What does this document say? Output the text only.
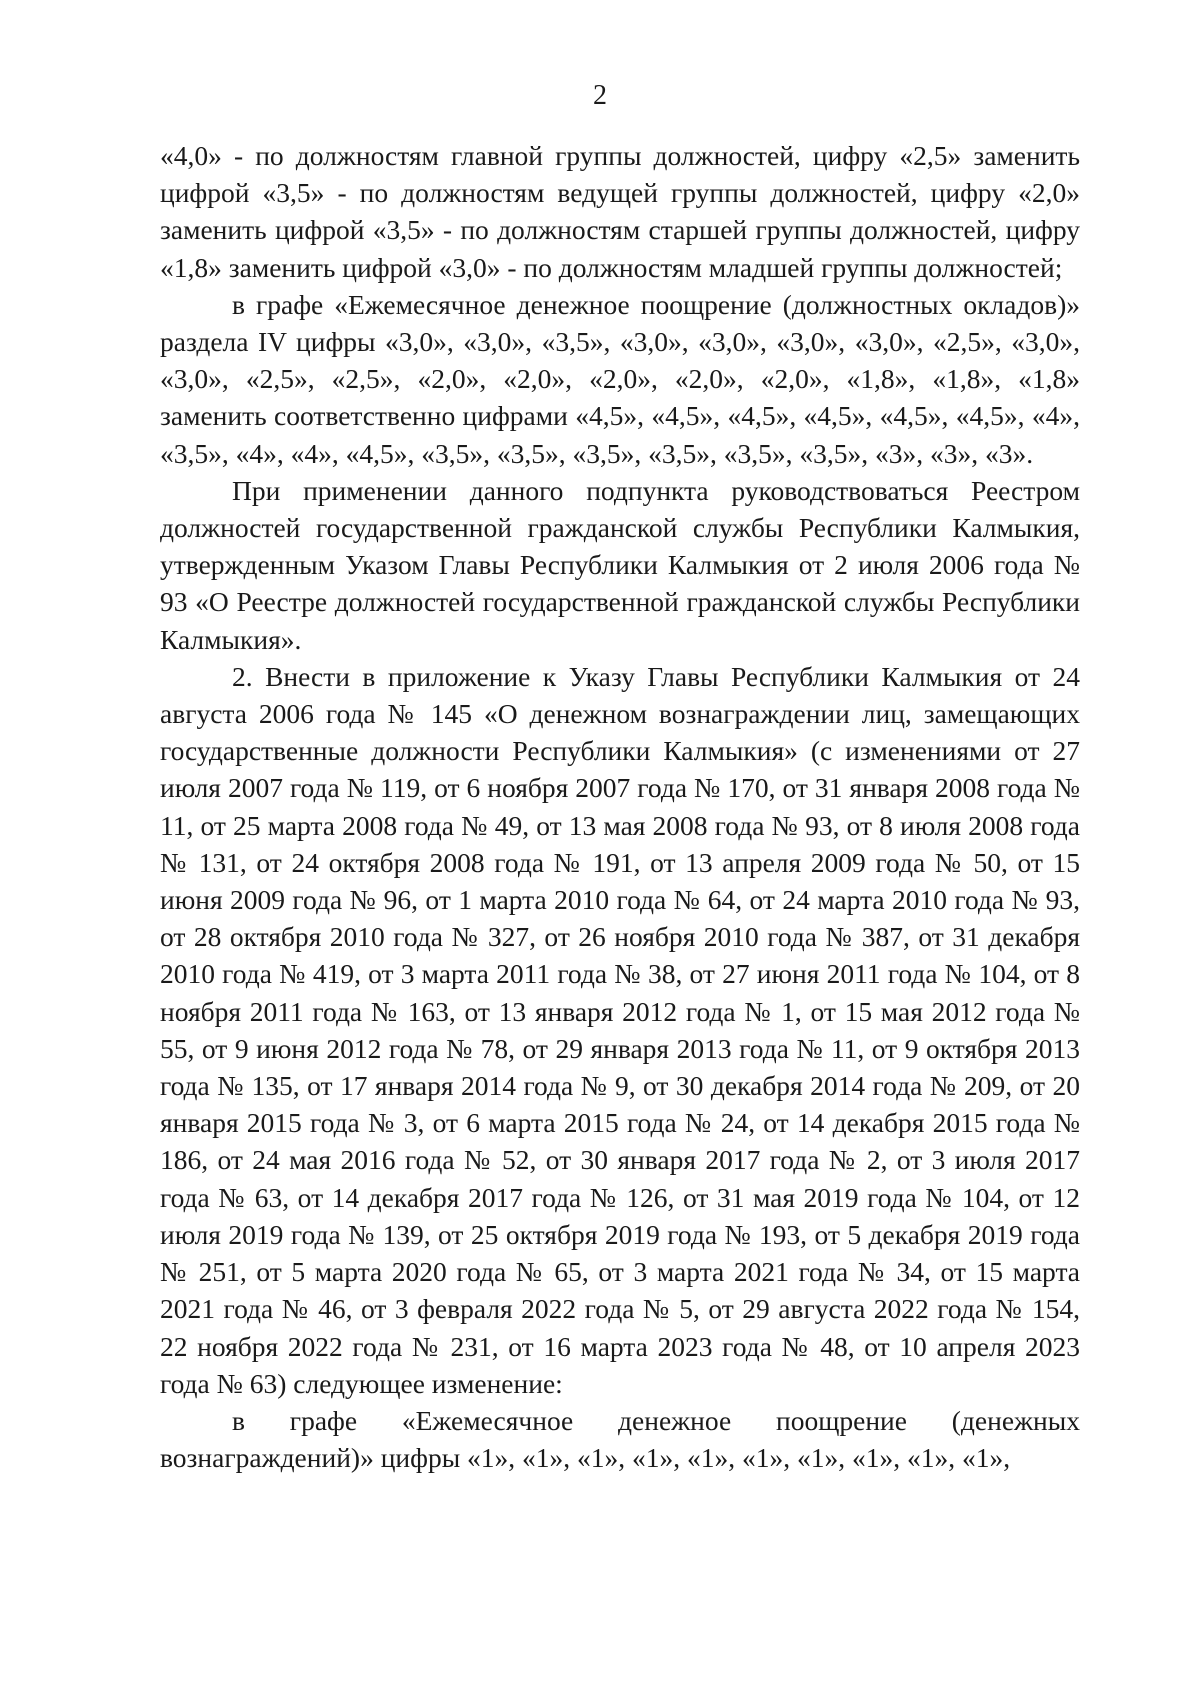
2

«4,0» - по должностям главной группы должностей, цифру «2,5» заменить цифрой «3,5» - по должностям ведущей группы должностей, цифру «2,0» заменить цифрой «3,5» - по должностям старшей группы должностей, цифру «1,8» заменить цифрой «3,0» - по должностям младшей группы должностей;

в графе «Ежемесячное денежное поощрение (должностных окладов)» раздела IV цифры «3,0», «3,0», «3,5», «3,0», «3,0», «3,0», «3,0», «2,5», «3,0», «3,0», «2,5», «2,5», «2,0», «2,0», «2,0», «2,0», «2,0», «1,8», «1,8», «1,8» заменить соответственно цифрами «4,5», «4,5», «4,5», «4,5», «4,5», «4,5», «4», «3,5», «4», «4», «4,5», «3,5», «3,5», «3,5», «3,5», «3,5», «3,5», «3», «3», «3».

При применении данного подпункта руководствоваться Реестром должностей государственной гражданской службы Республики Калмыкия, утвержденным Указом Главы Республики Калмыкия от 2 июля 2006 года № 93 «О Реестре должностей государственной гражданской службы Республики Калмыкия».

2. Внести в приложение к Указу Главы Республики Калмыкия от 24 августа 2006 года № 145 «О денежном вознаграждении лиц, замещающих государственные должности Республики Калмыкия» (с изменениями от 27 июля 2007 года № 119, от 6 ноября 2007 года № 170, от 31 января 2008 года № 11, от 25 марта 2008 года № 49, от 13 мая 2008 года № 93, от 8 июля 2008 года № 131, от 24 октября 2008 года № 191, от 13 апреля 2009 года № 50, от 15 июня 2009 года № 96, от 1 марта 2010 года № 64, от 24 марта 2010 года № 93, от 28 октября 2010 года № 327, от 26 ноября 2010 года № 387, от 31 декабря 2010 года № 419, от 3 марта 2011 года № 38, от 27 июня 2011 года № 104, от 8 ноября 2011 года № 163, от 13 января 2012 года № 1, от 15 мая 2012 года № 55, от 9 июня 2012 года № 78, от 29 января 2013 года № 11, от 9 октября 2013 года № 135, от 17 января 2014 года № 9, от 30 декабря 2014 года № 209, от 20 января 2015 года № 3, от 6 марта 2015 года № 24, от 14 декабря 2015 года № 186, от 24 мая 2016 года № 52, от 30 января 2017 года № 2, от 3 июля 2017 года № 63, от 14 декабря 2017 года № 126, от 31 мая 2019 года № 104, от 12 июля 2019 года № 139, от 25 октября 2019 года № 193, от 5 декабря 2019 года № 251, от 5 марта 2020 года № 65, от 3 марта 2021 года № 34, от 15 марта 2021 года № 46, от 3 февраля 2022 года № 5, от 29 августа 2022 года № 154, 22 ноября 2022 года № 231, от 16 марта 2023 года № 48, от 10 апреля 2023 года № 63) следующее изменение:

в графе «Ежемесячное денежное поощрение (денежных вознаграждений)» цифры «1», «1», «1», «1», «1», «1», «1», «1», «1», «1»,
